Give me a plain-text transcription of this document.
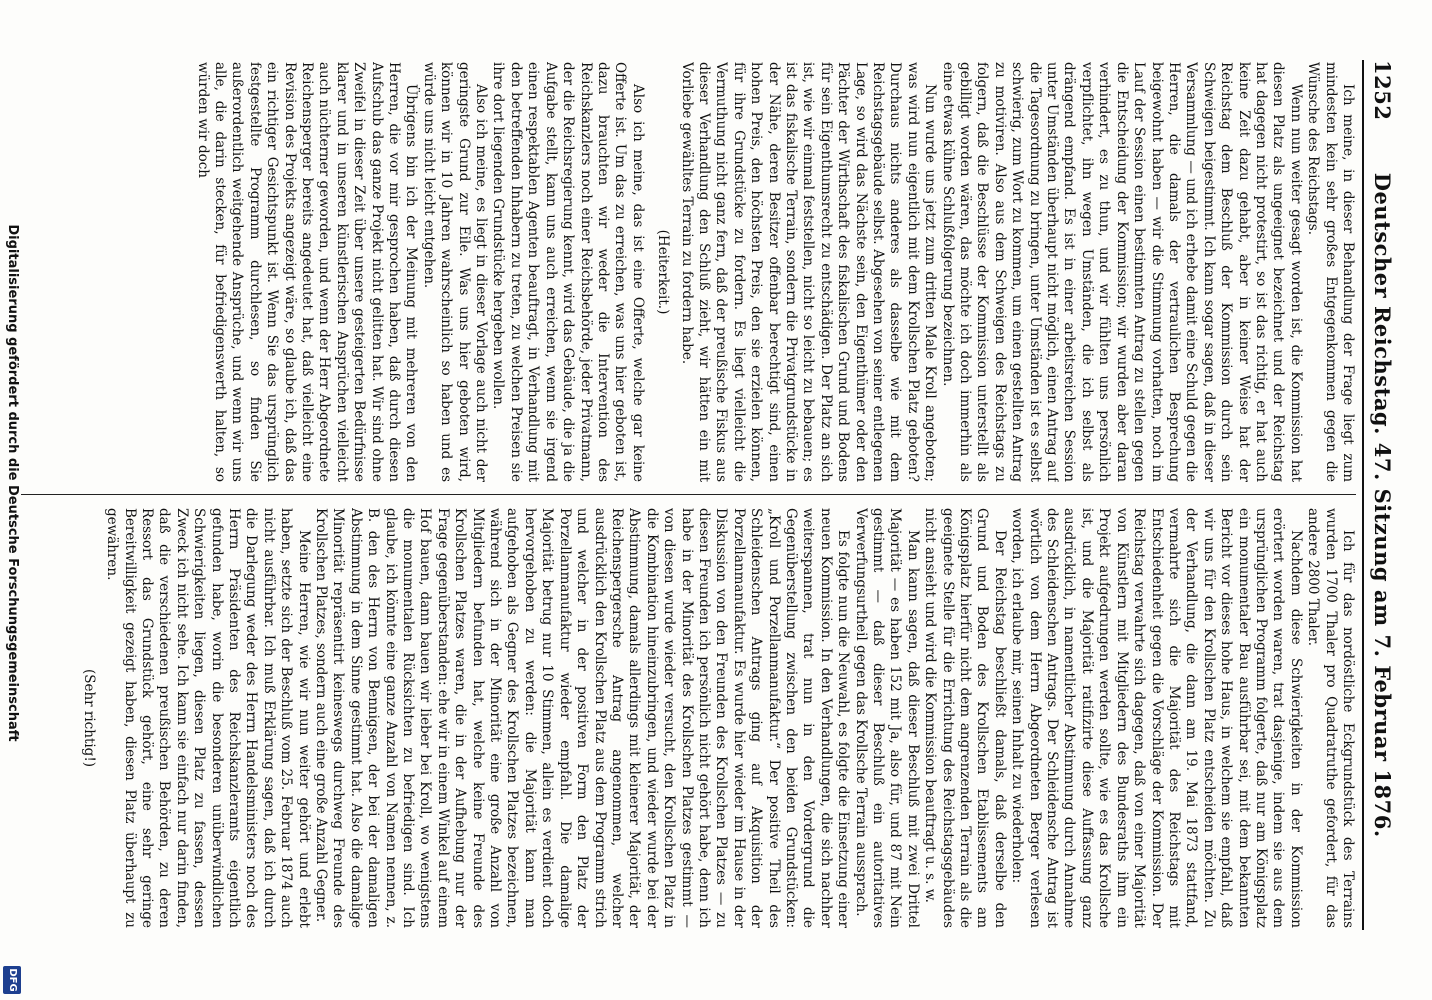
1252
Deutscher Reichstag. 47. Sitzung am 7. Februar 1876.

Ich meine, in dieser Behandlung der Frage liegt zum mindesten kein sehr großes Entgegenkommen gegen die Wünsche des Reichstags.

Wenn nun weiter gesagt worden ist, die Kommission hat diesen Platz als ungeeignet bezeichnet und der Reichstag hat dagegen nicht protestirt, so ist das richtig, er hat auch keine Zeit dazu gehabt, aber in keiner Weise hat der Reichstag dem Beschluß der Kommission durch sein Schweigen beigestimmt. Ich kann sogar sagen, daß in dieser Versammlung — und ich erhebe damit eine Schuld gegen die Herren, die damals der vertraulichen Besprechung beigewohnt haben — wir die Stimmung vorhatten, noch im Lauf der Session einen bestimmten Antrag zu stellen gegen die Entscheidung der Kommission; wir wurden aber daran verhindert, es zu thun, und wir fühlten uns persönlich verpflichtet, ihn wegen Umständen, die ich selbst als drängend empfand. Es ist in einer arbeitsreichen Session unter Umständen überhaupt nicht möglich, einen Antrag auf die Tagesordnung zu bringen, unter Umständen ist es selbst schwierig, zum Wort zu kommen, um einen gestellten Antrag zu motiviren. Also aus dem Schweigen des Reichstags zu folgern, daß die Beschlüsse der Kommission unterstellt als gebilligt worden wären, das möchte ich doch immerhin als eine etwas kühne Schlußfolgerung bezeichnen.

Nun wurde uns jetzt zum dritten Male Kroll angeboten; was wird nun eigentlich mit dem Krollschen Platz geboten? Durchaus nichts anderes als dasselbe wie mit dem Reichstagsgebäude selbst. Abgesehen von seiner entlegenen Lage, so wird das Nächste sein, den Eigenthümer oder den Pächter der Wirthschaft des fiskalischen Grund und Bodens für sein Eigenthumsrecht zu entschädigen. Der Platz an sich ist, wie wir einmal feststellen, nicht so leicht zu bebauen; es ist das fiskalische Terrain, sondern die Privatgrundstücke in der Nähe, deren Besitzer offenbar berechtigt sind, einen hohen Preis, den höchsten Preis, den sie erzielen können, für ihre Grundstücke zu fordern. Es liegt vielleicht die Vermuthung nicht ganz fern, daß der preußische Fiskus aus dieser Verhandlung den Schluß zieht, wir hätten ein mit Vorliebe gewähltes Terrain zu fordern habe.

(Heiterkeit.)

Also ich meine, das ist eine Offerte, welche gar keine Offerte ist. Um das zu erreichen, was uns hier geboten ist, dazu brauchten wir weder die Intervention des Reichskanzlers noch einer Reichsbehörde, jeder Privatmann, der die Reichsregierung kennt, wird das Gebäude, die ja die Aufgabe stellt, kann uns auch erreichen, wenn sie irgend einen respektablen Agenten beauftragt, in Verhandlung mit den betreffenden Inhabern zu treten, zu welchen Preisen sie ihre dort liegenden Grundstücke hergeben wollen.

Also ich meine, es liegt in dieser Vorlage auch nicht der geringste Grund zur Eile. Was uns hier geboten wird, können wir in 10 Jahren wahrscheinlich so haben und es würde uns nicht leicht entgehen.

Übrigens bin ich der Meinung mit mehreren von den Herren, die vor mir gesprochen haben, daß durch diesen Aufschub das ganze Projekt nicht gelitten hat. Wir sind ohne Zweifel in dieser Zeit über unsere gesteigerten Bedürfnisse klarer und in unseren künstlerischen Ansprüchen vielleicht auch nüchterner geworden, und wenn der Herr Abgeordnete Reichensperger bereits angedeutet hat, daß vielleicht eine Revision des Projekts angezeigt wäre, so glaube ich, daß das ein richtiger Gesichtspunkt ist. Wenn Sie das ursprünglich festgestellte Programm durchlesen, so finden Sie außerordentlich weitgehende Ansprüche, und wenn wir uns alle, die darin stecken, für befriedigenswerth halten, so würden wir doch

Ich für das nordöstliche Eckgrundstück des Terrains wurden 1700 Thaler pro Quadratruthe gefordert, für das andere 2800 Thaler.

Nachdem diese Schwierigkeiten in der Kommission erörtert worden waren, trat dasjenige, indem sie aus dem ursprünglichen Programm folgerte, daß nur am Königsplatz ein monumentaler Bau ausführbar sei, mit dem bekannten Bericht vor dieses hohe Haus, in welchem sie empfahl, daß wir uns für den Krollschen Platz entscheiden möchten. Zu der Verhandlung, die dann am 19. Mai 1873 stattfand, vermahrte sich die Majorität des Reichstags mit Entschiedenheit gegen die Vorschläge der Kommission. Der Reichstag verwahrte sich dagegen, daß von einer Majorität von Künstlern mit Mitgliedern des Bundesraths ihm ein Projekt aufgedrungen werden sollte, wie es das Krollsche ist, und die Majorität ratifizirte diese Auffassung ganz ausdrücklich, in namentlicher Abstimmung durch Annahme des Schleidenschen Antrags. Der Schleidensche Antrag ist wörtlich von dem Herrn Abgeordneten Berger verlesen worden, ich erlaube mir, seinen Inhalt zu wiederholen:

Der Reichstag beschließt damals, daß derselbe den Grund und Boden des Krollschen Etablissements am Königsplatz hierfür nicht dem angrenzenden Terrain als die geeignete Stelle für die Errichtung des Reichstagsgebäudes nicht ansieht und wird die Kommission beauftragt u. s. w.

Man kann sagen, daß dieser Beschluß mit zwei Drittel Majorität — es haben 152 mit Ja, also für, und 87 mit Nein gestimmt — daß dieser Beschluß ein autoritatives Verwerfungsurtheil gegen das Krollsche Terrain aussprach.

Es folgte nun die Neuwahl, es folgte die Einsetzung einer neuen Kommission. In den Verhandlungen, die sich nachher weiterspannen, trat nun in den Vordergrund die Gegenüberstellung zwischen den beiden Grundstücken: „Kroll und Porzellanmanufaktur.“ Der positive Theil des Schleidenschen Antrags ging auf Akquisition der Porzellanmanufaktur. Es wurde hier wieder im Hause in der Diskussion von den Freunden des Krollschen Platzes — zu diesen Freunden ich persönlich nicht gehört habe, denn ich habe in der Minorität des Krollschen Platzes gestimmt — von diesen wurde wieder versucht, den Krollschen Platz in die Kombination hineinzubringen, und wieder wurde bei der Abstimmung, damals allerdings mit kleinerer Majorität, der Reichenspergersche Antrag angenommen, welcher ausdrücklich den Krollschen Platz aus dem Programm strich und welcher in der positiven Form den Platz der Porzellanmanufaktur wieder empfahl. Die damalige Majorität betrug nur 10 Stimmen, allein es verdient doch hervorgehoben zu werden: die Majorität kann man aufgehoben als Gegner des Krollschen Platzes bezeichnen, während sich in der Minorität eine große Anzahl von Mitgliedern befunden hat, welche keine Freunde des Krollschen Platzes waren, die in der Aufhebung nur der Frage gegenüberstanden: ehe wir in einem Winkel auf einem Hof bauen, dann bauen wir lieber bei Kroll, wo wenigstens die monumentalen Rücksichten zu befriedigen sind. Ich glaube, ich könnte eine ganze Anzahl von Namen nennen, z. B. den des Herrn von Bennigsen, der bei der damaligen Abstimmung in dem Sinne gestimmt hat. Also die damalige Minorität repräsentirt keineswegs durchweg Freunde des Krollschen Platzes, sondern auch eine große Anzahl Gegner.

Meine Herren, wie wir nun weiter gehört und erlebt haben, setzte sich der Beschluß vom 25. Februar 1874 auch nicht ausführbar. Ich muß Erklärung sagen, daß ich durch die Darlegung weder des Herrn Handelsministers noch des Herrn Präsidenten des Reichskanzleramts eigentlich gefunden habe, worin die besonderen unüberwindlichen Schwierigkeiten liegen, diesen Platz zu fassen, dessen Zweck ich nicht sehe. Ich kann sie einfach nur darin finden, daß die verschiedenen preußischen Behörden, zu deren Ressort das Grundstück gehört, eine sehr geringe Bereitwilligkeit gezeigt haben, diesen Platz überhaupt zu gewähren.

(Sehr richtig!)

Digitalisierung gefördert durch die Deutsche Forschungsgemeinschaft
DFG
